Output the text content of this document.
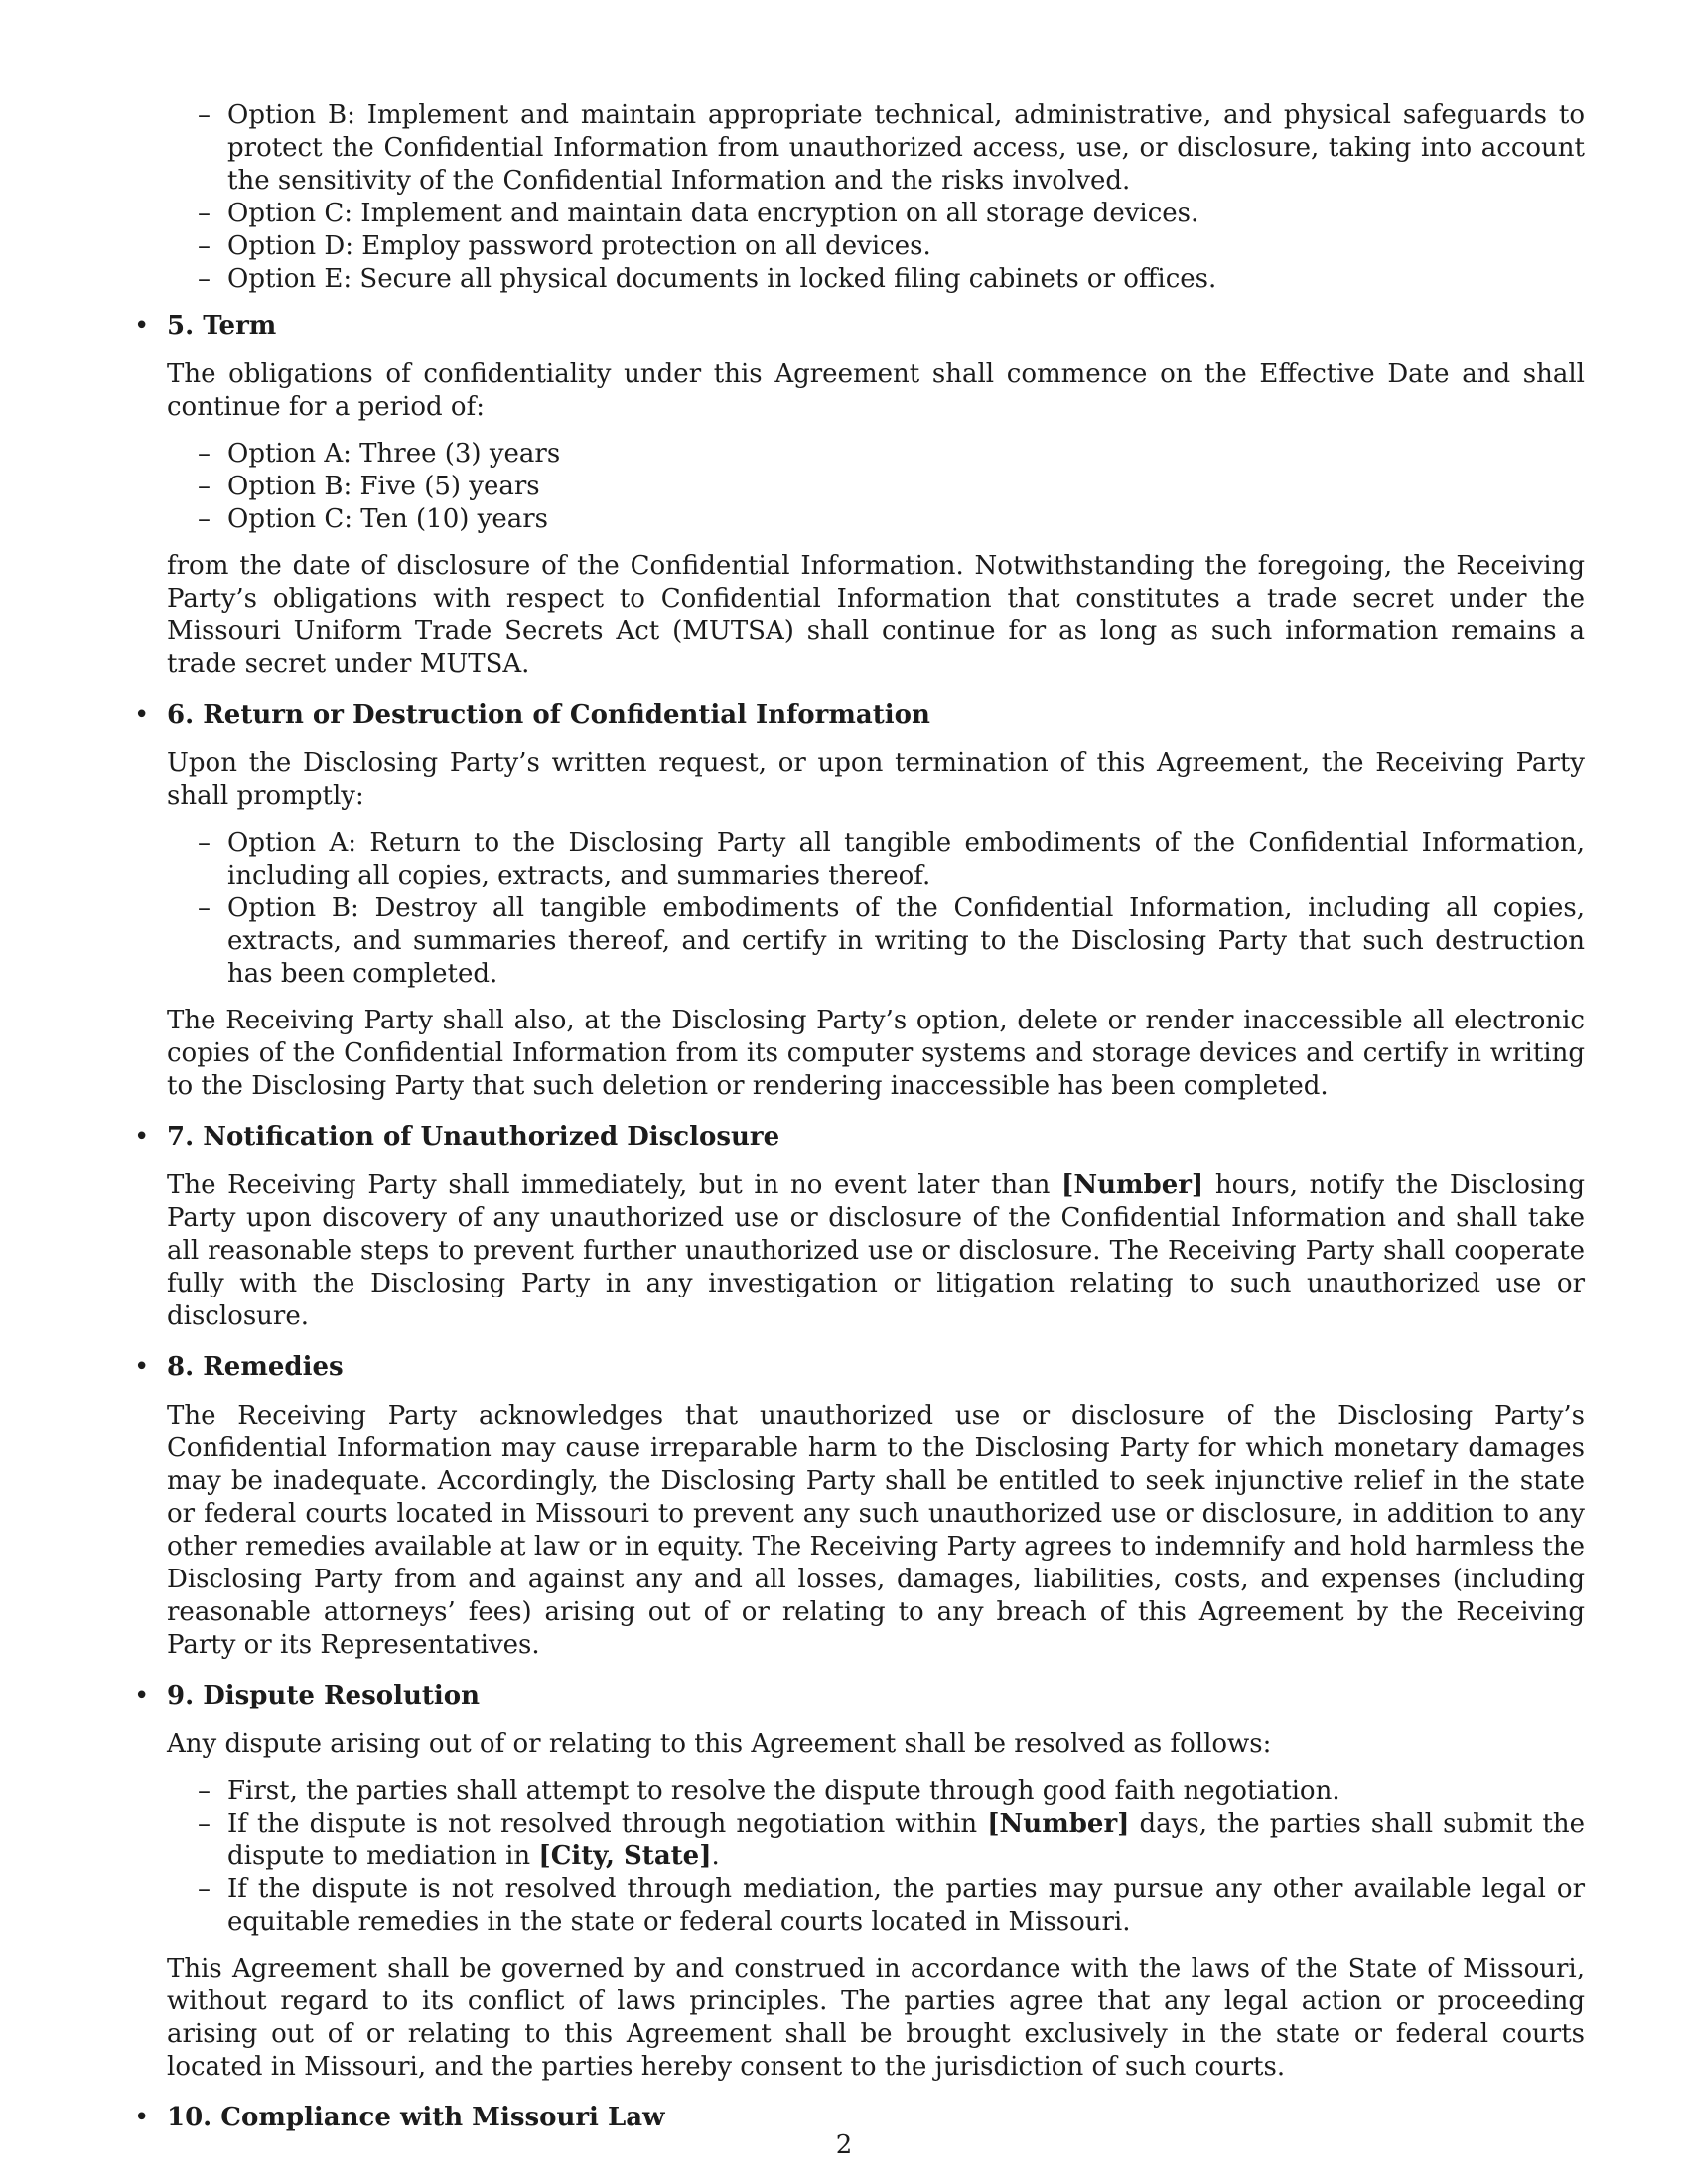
– Option B: Implement and maintain appropriate technical, administrative, and physical safeguards to protect the Confidential Information from unauthorized access, use, or disclosure, taking into account the sensitivity of the Confidential Information and the risks involved.
– Option C: Implement and maintain data encryption on all storage devices.
– Option D: Employ password protection on all devices.
– Option E: Secure all physical documents in locked filing cabinets or offices.
• 5. Term

The obligations of confidentiality under this Agreement shall commence on the Effective Date and shall continue for a period of:

– Option A: Three (3) years
– Option B: Five (5) years
– Option C: Ten (10) years

from the date of disclosure of the Confidential Information. Notwithstanding the foregoing, the Receiving Party’s obligations with respect to Confidential Information that constitutes a trade secret under the Missouri Uniform Trade Secrets Act (MUTSA) shall continue for as long as such information remains a trade secret under MUTSA.

• 6. Return or Destruction of Confidential Information

Upon the Disclosing Party’s written request, or upon termination of this Agreement, the Receiving Party shall promptly:

– Option A: Return to the Disclosing Party all tangible embodiments of the Confidential Information, including all copies, extracts, and summaries thereof.
– Option B: Destroy all tangible embodiments of the Confidential Information, including all copies, extracts, and summaries thereof, and certify in writing to the Disclosing Party that such destruction has been completed.

The Receiving Party shall also, at the Disclosing Party’s option, delete or render inaccessible all electronic copies of the Confidential Information from its computer systems and storage devices and certify in writing to the Disclosing Party that such deletion or rendering inaccessible has been completed.

• 7. Notification of Unauthorized Disclosure

The Receiving Party shall immediately, but in no event later than [Number] hours, notify the Disclosing Party upon discovery of any unauthorized use or disclosure of the Confidential Information and shall take all reasonable steps to prevent further unauthorized use or disclosure. The Receiving Party shall cooperate fully with the Disclosing Party in any investigation or litigation relating to such unauthorized use or disclosure.

• 8. Remedies

The Receiving Party acknowledges that unauthorized use or disclosure of the Disclosing Party’s Confidential Information may cause irreparable harm to the Disclosing Party for which monetary damages may be inadequate. Accordingly, the Disclosing Party shall be entitled to seek injunctive relief in the state or federal courts located in Missouri to prevent any such unauthorized use or disclosure, in addition to any other remedies available at law or in equity. The Receiving Party agrees to indemnify and hold harmless the Disclosing Party from and against any and all losses, damages, liabilities, costs, and expenses (including reasonable attorneys’ fees) arising out of or relating to any breach of this Agreement by the Receiving Party or its Representatives.

• 9. Dispute Resolution

Any dispute arising out of or relating to this Agreement shall be resolved as follows:

– First, the parties shall attempt to resolve the dispute through good faith negotiation.
– If the dispute is not resolved through negotiation within [Number] days, the parties shall submit the dispute to mediation in [City, State].
– If the dispute is not resolved through mediation, the parties may pursue any other available legal or equitable remedies in the state or federal courts located in Missouri.

This Agreement shall be governed by and construed in accordance with the laws of the State of Missouri, without regard to its conflict of laws principles. The parties agree that any legal action or proceeding arising out of or relating to this Agreement shall be brought exclusively in the state or federal courts located in Missouri, and the parties hereby consent to the jurisdiction of such courts.

• 10. Compliance with Missouri Law
2
